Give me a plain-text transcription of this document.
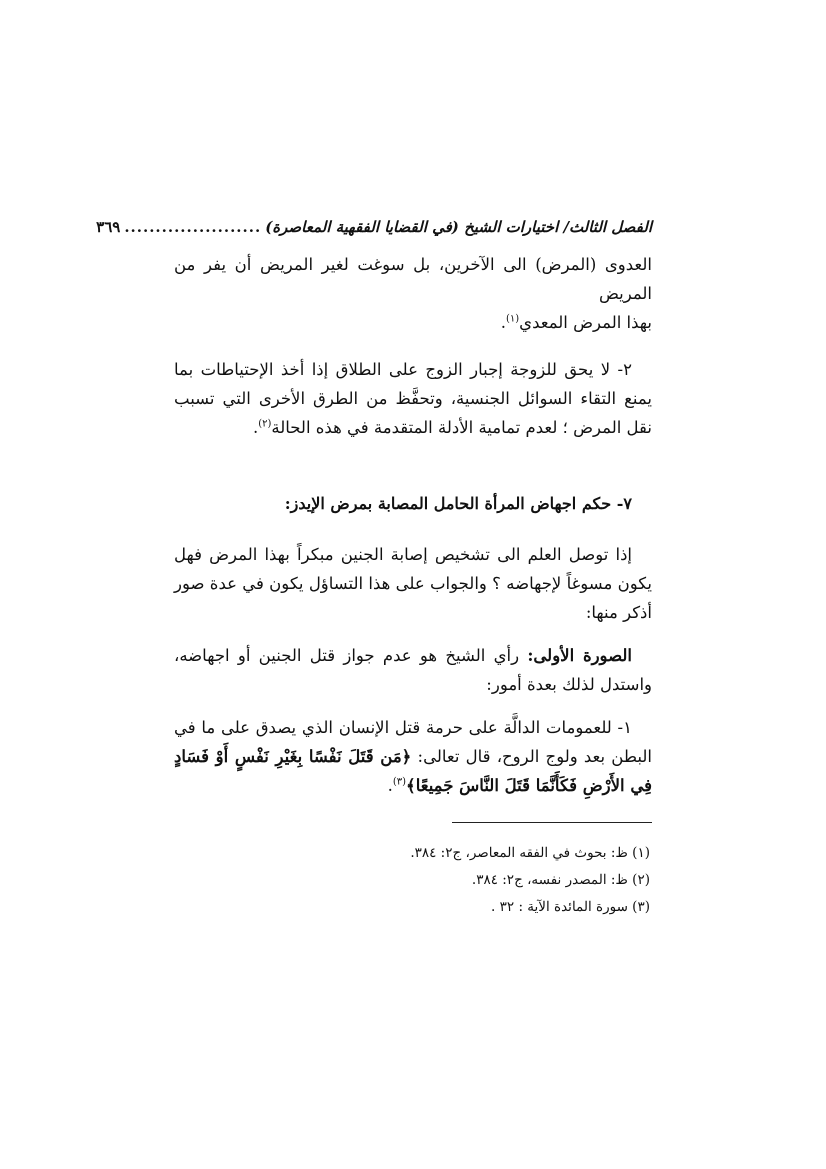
الفصل الثالث/ اختيارات الشيخ (في القضايا الفقهية المعاصرة)
......................
٣٦٩

العدوى (المرض) الى الآخرين، بل سوغت لغير المريض أن يفر من المريض
بهذا المرض المعدي$^{(١)}$.

٢- لا يحق للزوجة إجبار الزوج على الطلاق إذا أخذ الإحتياطات بما يمنع التقاء السوائل الجنسية، وتحفَّظ من الطرق الأخرى التي تسبب نقل المرض ؛ لعدم تمامية الأدلة المتقدمة في هذه الحالة$^{(٢)}$.

٧- حكم اجهاض المرأة الحامل المصابة بمرض الإيدز:

إذا توصل العلم الى تشخيص إصابة الجنين مبكراً بهذا المرض فهل يكون مسوغاً لإجهاضه ؟ والجواب على هذا التساؤل يكون في عدة صور أذكر منها:

الصورة الأولى: رأي الشيخ هو عدم جواز قتل الجنين أو اجهاضه، واستدل لذلك بعدة أمور:

١- للعمومات الدالَّة على حرمة قتل الإنسان الذي يصدق على ما في البطن بعد ولوج الروح، قال تعالى: ﴿مَن قَتَلَ نَفْسًا بِغَيْرِ نَفْسٍ أَوْ فَسَادٍ فِي الأَرْضِ فَكَأَنَّمَا قَتَلَ النَّاسَ جَمِيعًا﴾$^{(٣)}$.

(١) ظ: بحوث في الفقه المعاصر، ج٢: ٣٨٤.
(٢) ظ: المصدر نفسه، ج٢: ٣٨٤.
(٣) سورة المائدة الآية : ٣٢ .
